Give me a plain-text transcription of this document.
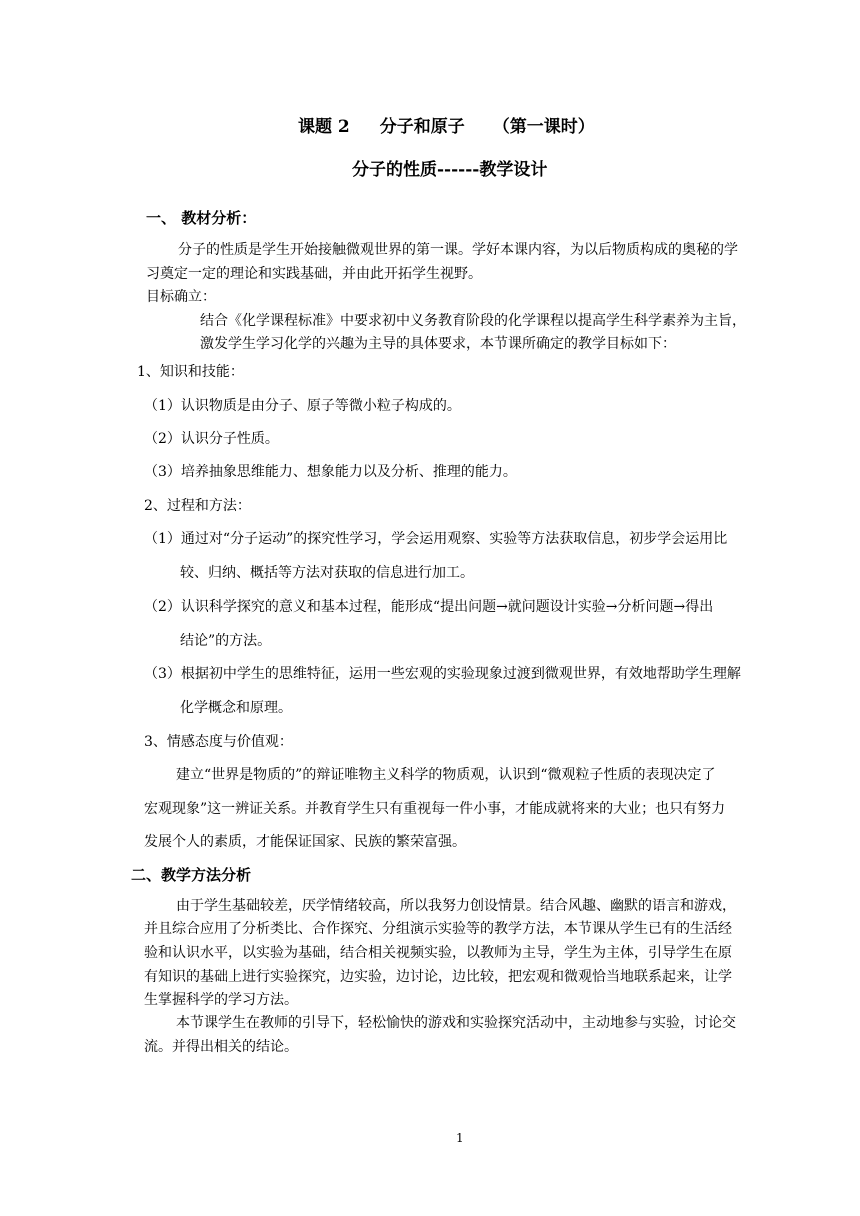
课题 2 分子和原子 （第一课时）
分子的性质------教学设计
一、 教材分析：
分子的性质是学生开始接触微观世界的第一课。学好本课内容，为以后物质构成的奥秘的学
习奠定一定的理论和实践基础，并由此开拓学生视野。
目标确立：
结合《化学课程标准》中要求初中义务教育阶段的化学课程以提高学生科学素养为主旨，
激发学生学习化学的兴趣为主导的具体要求，本节课所确定的教学目标如下：
1、知识和技能：
（1）认识物质是由分子、原子等微小粒子构成的。
（2）认识分子性质。
（3）培养抽象思维能力、想象能力以及分析、推理的能力。
2、过程和方法：
（1）通过对“分子运动”的探究性学习，学会运用观察、实验等方法获取信息，初步学会运用比
较、归纳、概括等方法对获取的信息进行加工。
（2）认识科学探究的意义和基本过程，能形成“提出问题→就问题设计实验→分析问题→得出
结论”的方法。
（3）根据初中学生的思维特征，运用一些宏观的实验现象过渡到微观世界，有效地帮助学生理解
化学概念和原理。
3、情感态度与价值观：
建立“世界是物质的”的辩证唯物主义科学的物质观，认识到“微观粒子性质的表现决定了
宏观现象”这一辨证关系。并教育学生只有重视每一件小事，才能成就将来的大业；也只有努力
发展个人的素质，才能保证国家、民族的繁荣富强。
二、教学方法分析
由于学生基础较差，厌学情绪较高，所以我努力创设情景。结合风趣、幽默的语言和游戏，
并且综合应用了分析类比、合作探究、分组演示实验等的教学方法，本节课从学生已有的生活经
验和认识水平，以实验为基础，结合相关视频实验，以教师为主导，学生为主体，引导学生在原
有知识的基础上进行实验探究，边实验，边讨论，边比较，把宏观和微观恰当地联系起来，让学
生掌握科学的学习方法。
本节课学生在教师的引导下，轻松愉快的游戏和实验探究活动中，主动地参与实验，讨论交
流。并得出相关的结论。
1
